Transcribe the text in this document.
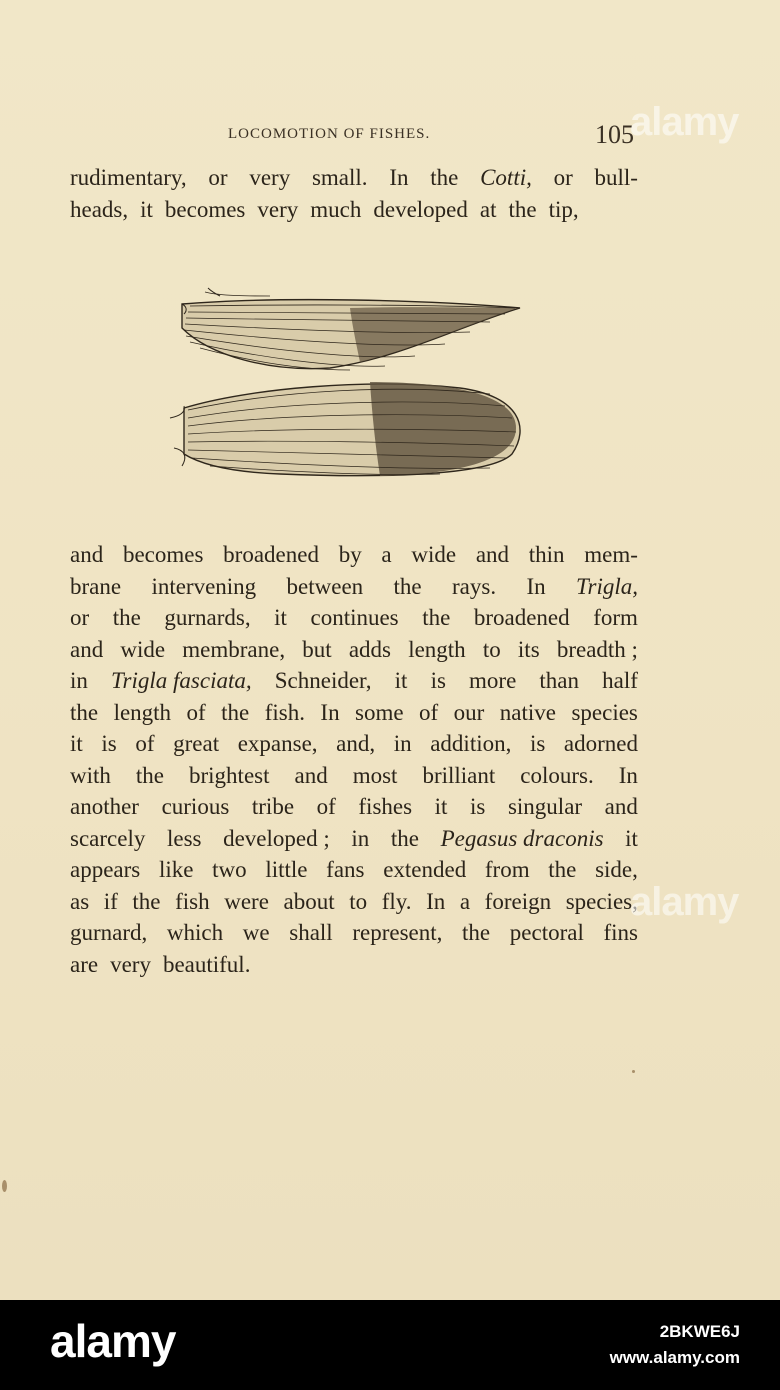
LOCOMOTION OF FISHES.	105
rudimentary, or very small. In the Cotti, or bull-
heads, it becomes very much developed at the tip,
and becomes broadened by a wide and thin mem-
brane intervening between the rays. In Trigla,
or the gurnards, it continues the broadened form
and wide membrane, but adds length to its breadth ;
in Trigla fasciata, Schneider, it is more than half
the length of the fish. In some of our native species
it is of great expanse, and, in addition, is adorned
with the brightest and most brilliant colours. In
another curious tribe of fishes it is singular and
scarcely less developed ; in the Pegasus draconis it
appears like two little fans extended from the side,
as if the fish were about to fly. In a foreign species,
gurnard, which we shall represent, the pectoral fins
are very beautiful.
alamy
alamy
alamy	2BKWE6J
www.alamy.com
